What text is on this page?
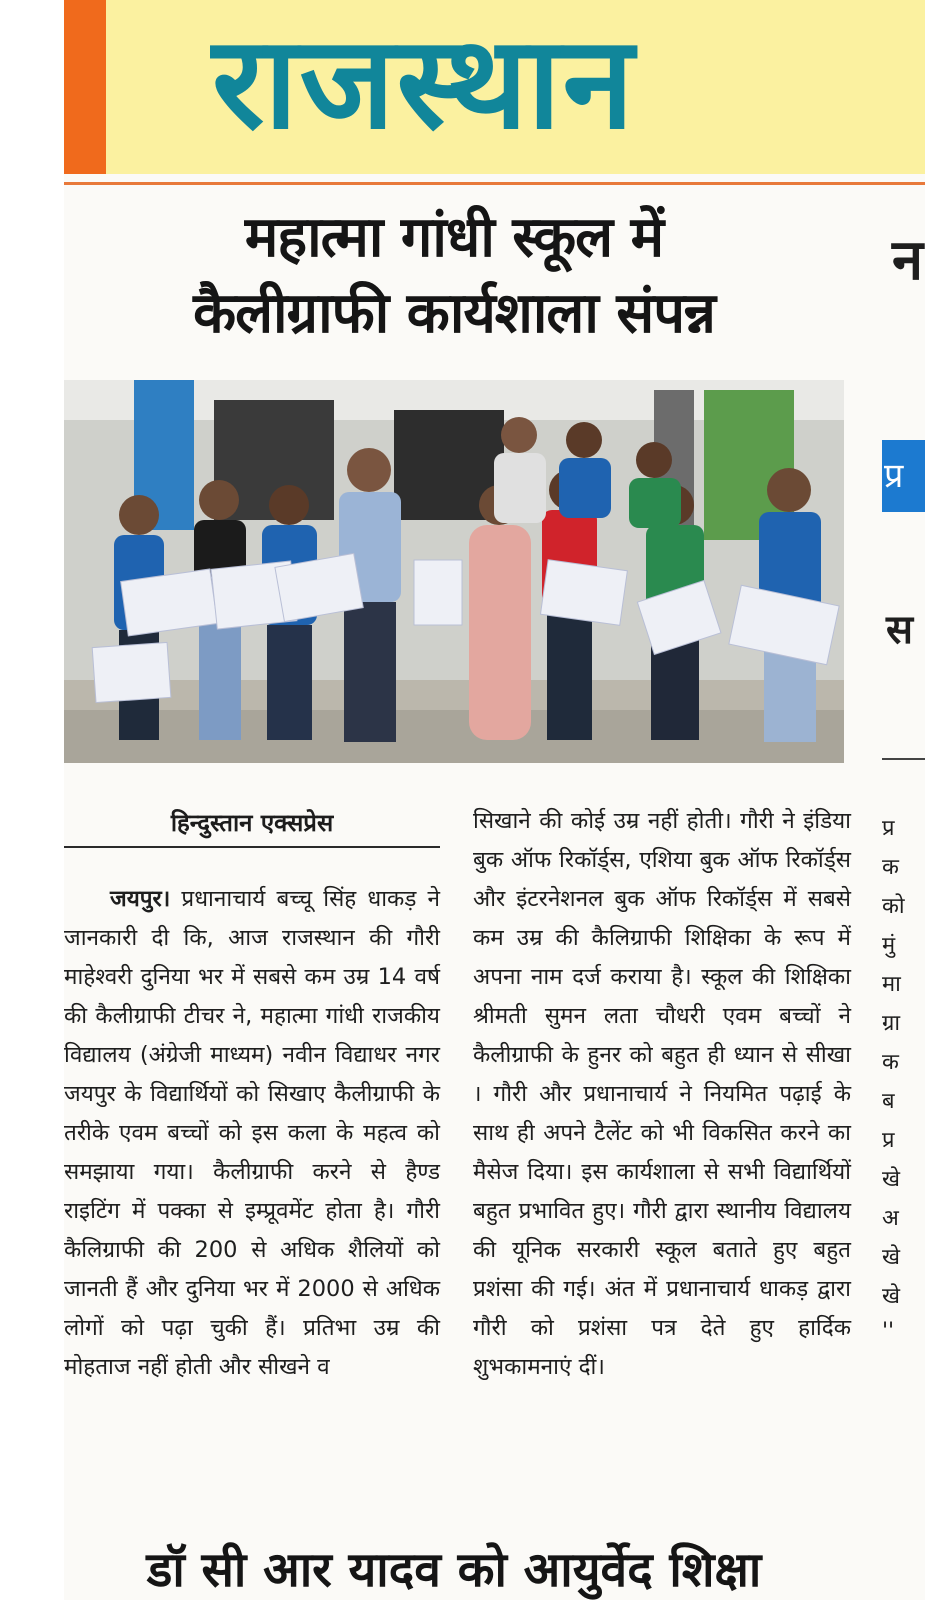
राजस्थान
महात्मा गांधी स्कूल में
कैलीग्राफी कार्यशाला संपन्न
हिन्दुस्तान एक्सप्रेस

जयपुर। प्रधानाचार्य बच्चू सिंह धाकड़ ने जानकारी दी कि, आज राजस्थान की गौरी माहेश्वरी दुनिया भर में सबसे कम उम्र 14 वर्ष की कैलीग्राफी टीचर ने, महात्मा गांधी राजकीय विद्यालय (अंग्रेजी माध्यम) नवीन विद्याधर नगर जयपुर के विद्यार्थियों को सिखाए कैलीग्राफी के तरीके एवम बच्चों को इस कला के महत्व को समझाया गया। कैलीग्राफी करने से हैण्ड राइटिंग में पक्का से इम्प्रूवमेंट होता है। गौरी कैलिग्राफी की 200 से अधिक शैलियों को जानती हैं और दुनिया भर में 2000 से अधिक लोगों को पढ़ा चुकी हैं। प्रतिभा उम्र की मोहताज नहीं होती और सीखने व

सिखाने की कोई उम्र नहीं होती। गौरी ने इंडिया बुक ऑफ रिकॉर्ड्स, एशिया बुक ऑफ रिकॉर्ड्स और इंटरनेशनल बुक ऑफ रिकॉर्ड्स में सबसे कम उम्र की कैलिग्राफी शिक्षिका के रूप में अपना नाम दर्ज कराया है। स्कूल की शिक्षिका श्रीमती सुमन लता चौधरी एवम बच्चों ने कैलीग्राफी के हुनर को बहुत ही ध्यान से सीखा । गौरी और प्रधानाचार्य ने नियमित पढ़ाई के साथ ही अपने टैलेंट को भी विकसित करने का मैसेज दिया। इस कार्यशाला से सभी विद्यार्थियों बहुत प्रभावित हुए। गौरी द्वारा स्थानीय विद्यालय की यूनिक सरकारी स्कूल बताते हुए बहुत प्रशंसा की गई। अंत में प्रधानाचार्य धाकड़ द्वारा गौरी को प्रशंसा पत्र देते हुए हार्दिक शुभकामनाएं दीं।

न
प्र
स
प्र
क
को
मुं
मा
ग्रा
क
ब
प्र
खे
अ
खे
खे
''
डॉ सी आर यादव को आयुर्वेद शिक्षा
